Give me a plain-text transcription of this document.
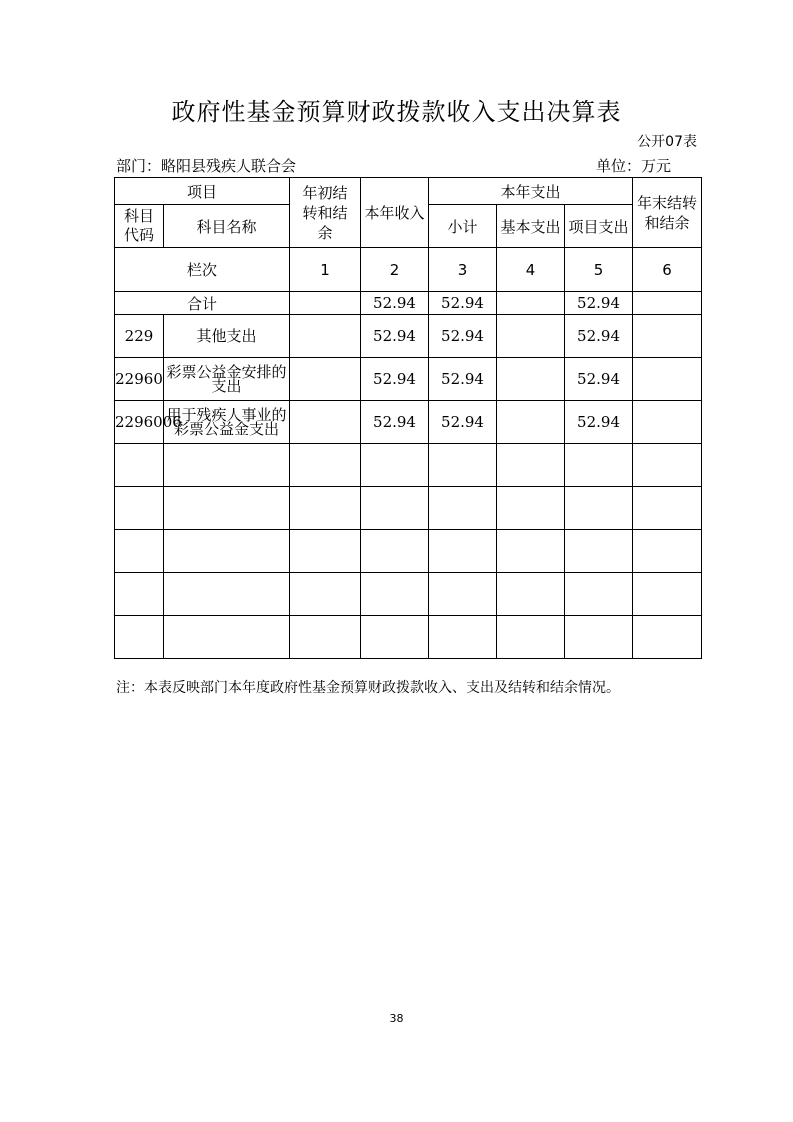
政府性基金预算财政拨款收入支出决算表
公开07表
部门：略阳县残疾人联合会	单位：万元
项目		年初结转和结余	本年收入	本年支出			年末结转和结余
科目代码	科目名称			小计	基本支出	项目支出	
栏次		1	2	3	4	5	6
合计			52.94	52.94		52.94	
229	其他支出		52.94	52.94		52.94	
22960	彩票公益金安排的支出		52.94	52.94		52.94	
2296006	用于残疾人事业的彩票公益金支出		52.94	52.94		52.94	

注：本表反映部门本年度政府性基金预算财政拨款收入、支出及结转和结余情况。
38
